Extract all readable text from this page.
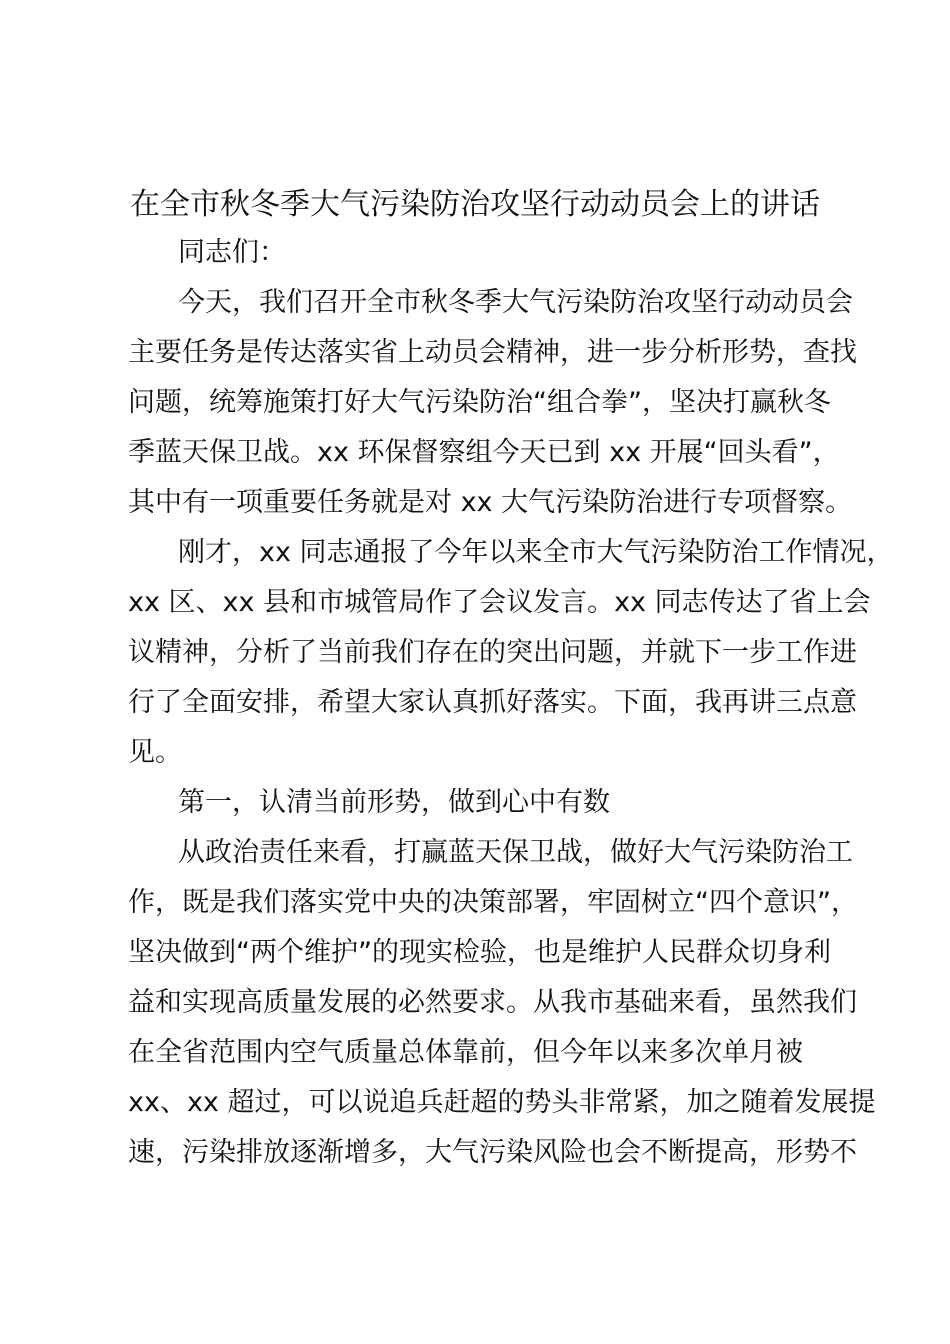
在全市秋冬季大气污染防治攻坚行动动员会上的讲话
同志们：
今天，我们召开全市秋冬季大气污染防治攻坚行动动员会
主要任务是传达落实省上动员会精神，进一步分析形势，查找
问题，统筹施策打好大气污染防治“组合拳”，坚决打赢秋冬
季蓝天保卫战。xx 环保督察组今天已到 xx 开展“回头看”，
其中有一项重要任务就是对 xx 大气污染防治进行专项督察。
刚才，xx 同志通报了今年以来全市大气污染防治工作情况，
xx 区、xx 县和市城管局作了会议发言。xx 同志传达了省上会
议精神，分析了当前我们存在的突出问题，并就下一步工作进
行了全面安排，希望大家认真抓好落实。下面，我再讲三点意
见。
第一，认清当前形势，做到心中有数
从政治责任来看，打赢蓝天保卫战，做好大气污染防治工
作，既是我们落实党中央的决策部署，牢固树立“四个意识”，
坚决做到“两个维护”的现实检验，也是维护人民群众切身利
益和实现高质量发展的必然要求。从我市基础来看，虽然我们
在全省范围内空气质量总体靠前，但今年以来多次单月被
xx、xx 超过，可以说追兵赶超的势头非常紧，加之随着发展提
速，污染排放逐渐增多，大气污染风险也会不断提高，形势不
